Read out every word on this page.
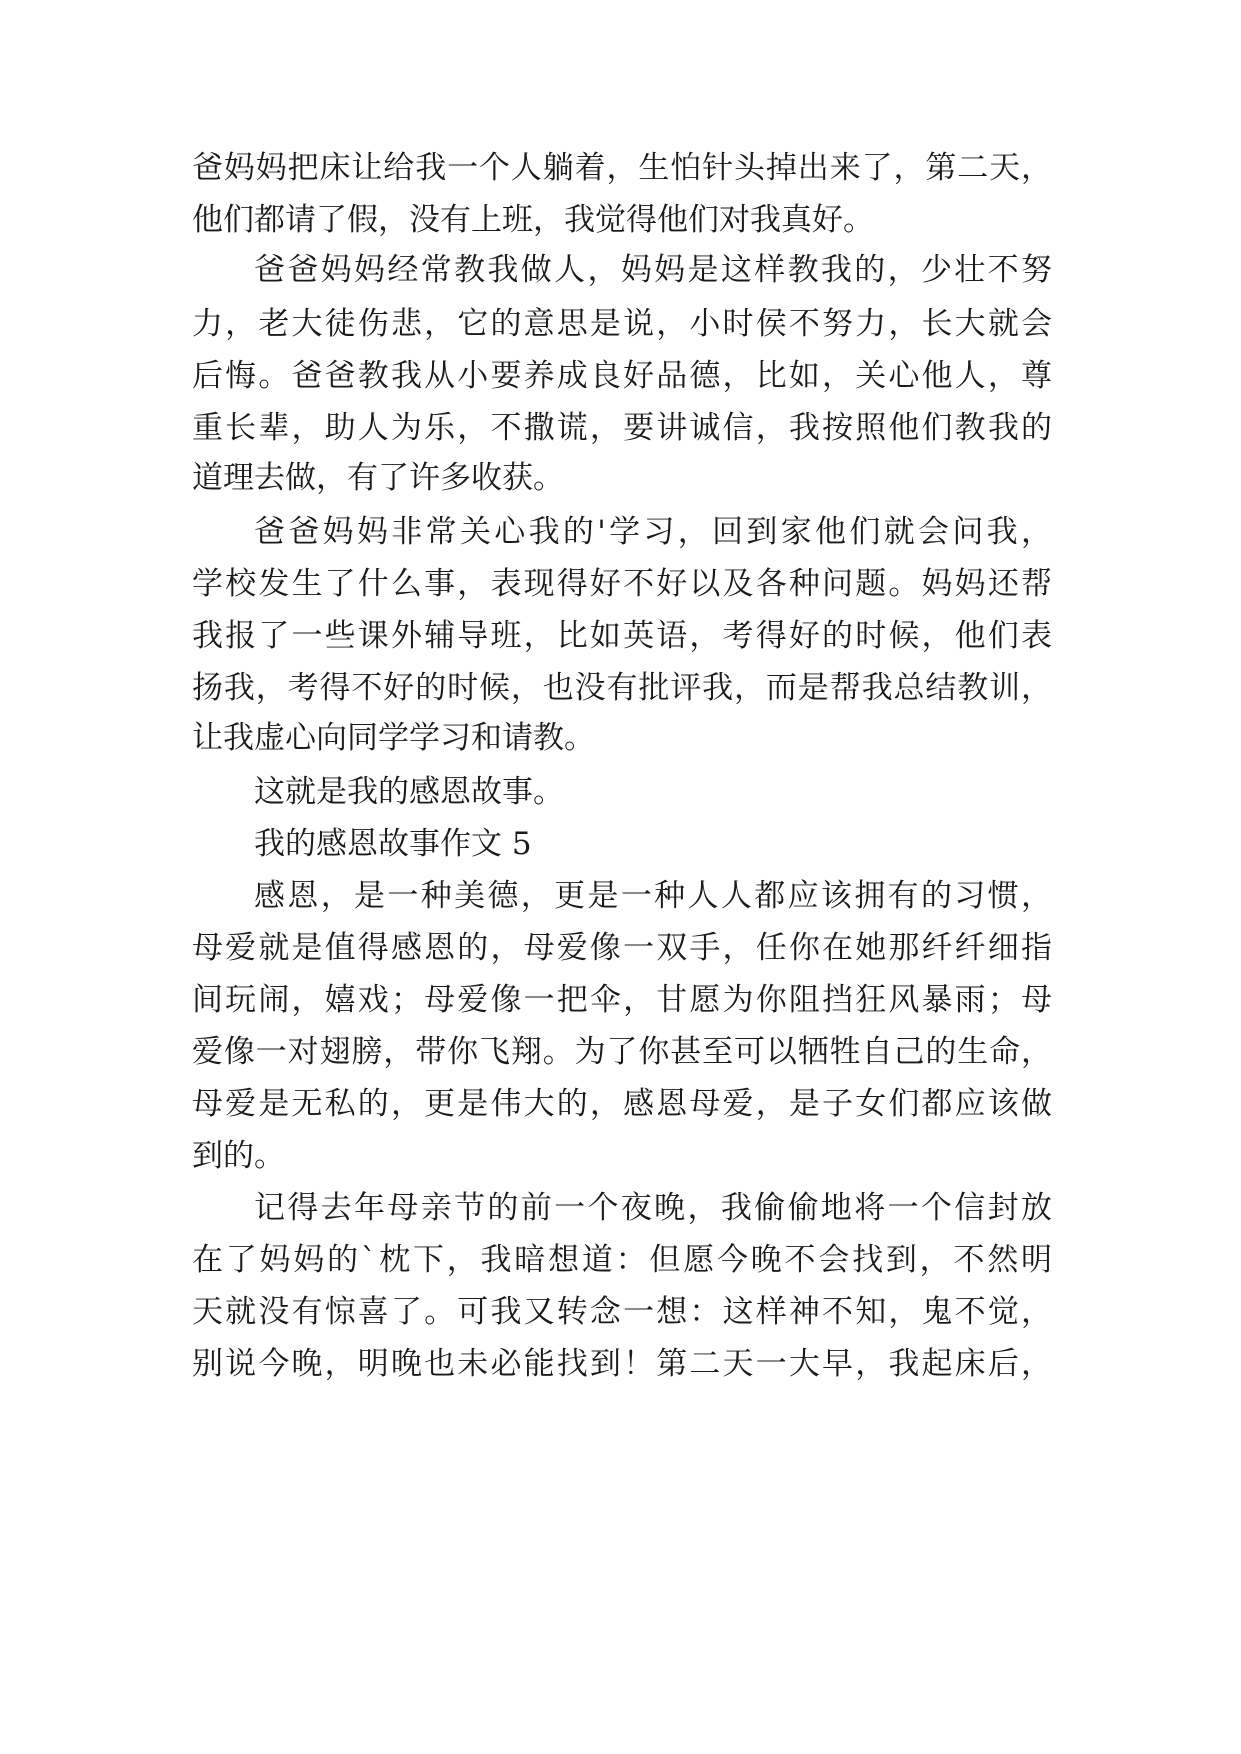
爸妈妈把床让给我一个人躺着，生怕针头掉出来了，第二天，
他们都请了假，没有上班，我觉得他们对我真好。
爸爸妈妈经常教我做人，妈妈是这样教我的，少壮不努
力，老大徒伤悲，它的意思是说，小时侯不努力，长大就会
后悔。爸爸教我从小要养成良好品德，比如，关心他人，尊
重长辈，助人为乐，不撒谎，要讲诚信，我按照他们教我的
道理去做，有了许多收获。
爸爸妈妈非常关心我的'学习，回到家他们就会问我，
学校发生了什么事，表现得好不好以及各种问题。妈妈还帮
我报了一些课外辅导班，比如英语，考得好的时候，他们表
扬我，考得不好的时候，也没有批评我，而是帮我总结教训，
让我虚心向同学学习和请教。
这就是我的感恩故事。
我的感恩故事作文 5
感恩，是一种美德，更是一种人人都应该拥有的习惯，
母爱就是值得感恩的，母爱像一双手，任你在她那纤纤细指
间玩闹，嬉戏；母爱像一把伞，甘愿为你阻挡狂风暴雨；母
爱像一对翅膀，带你飞翔。为了你甚至可以牺牲自己的生命，
母爱是无私的，更是伟大的，感恩母爱，是子女们都应该做
到的。
记得去年母亲节的前一个夜晚，我偷偷地将一个信封放
在了妈妈的`枕下，我暗想道：但愿今晚不会找到，不然明
天就没有惊喜了。可我又转念一想：这样神不知，鬼不觉，
别说今晚，明晚也未必能找到！第二天一大早，我起床后，
